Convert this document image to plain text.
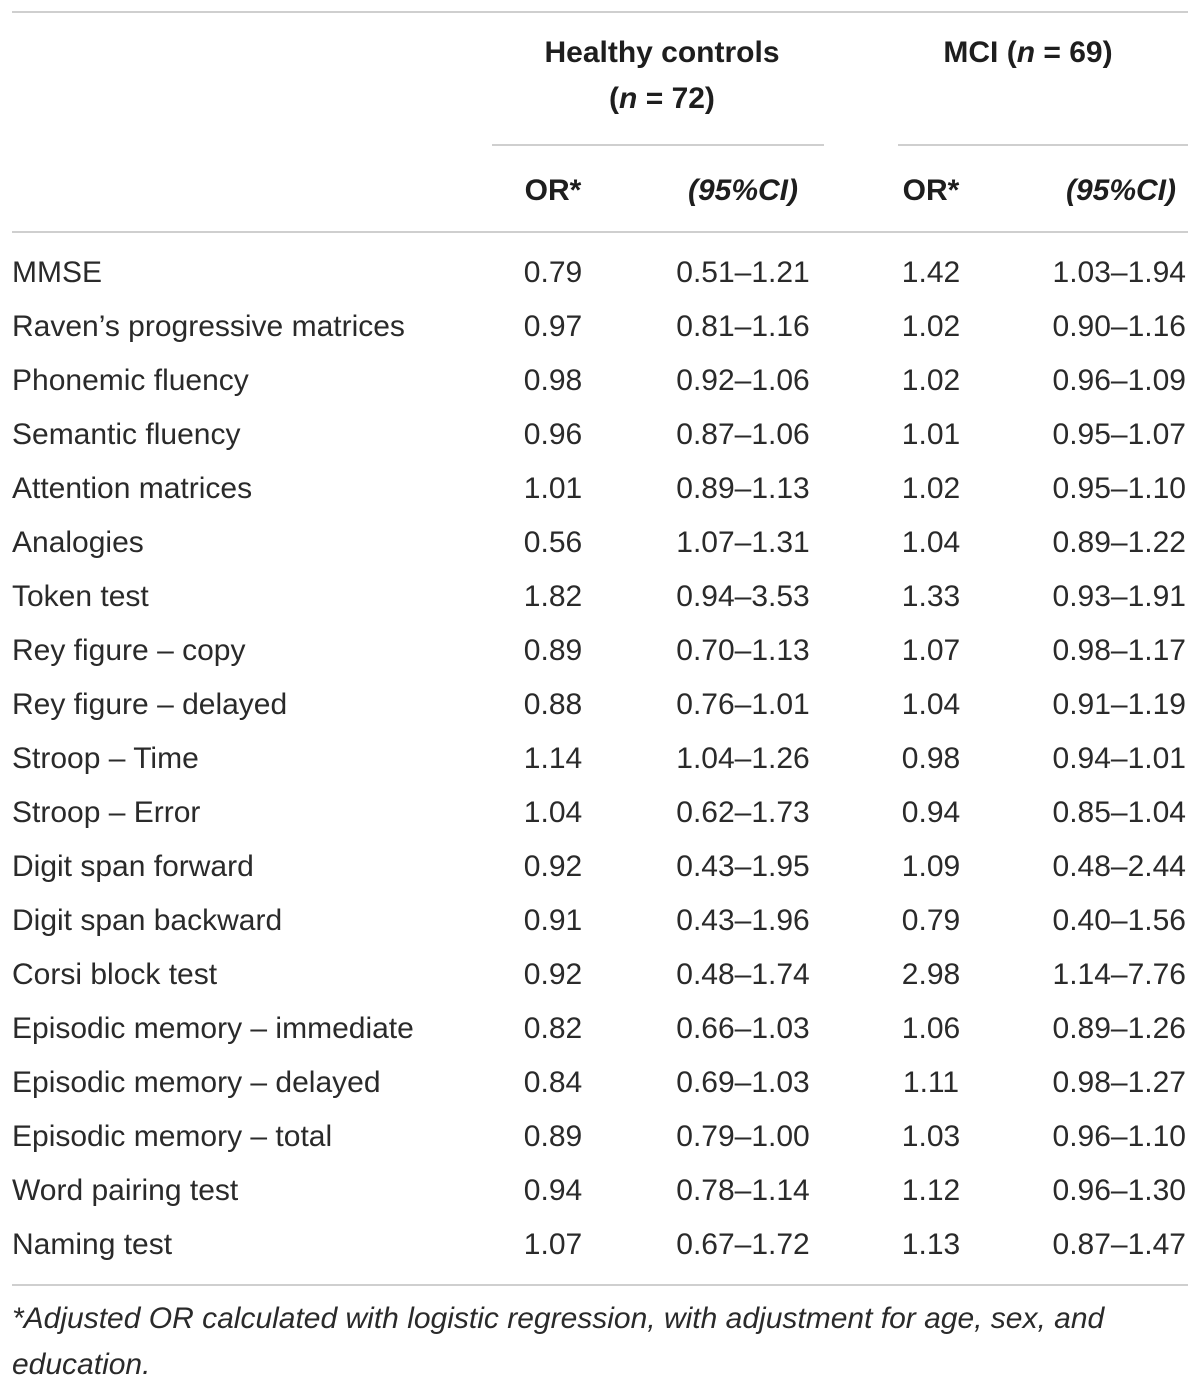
Healthy controls
(n = 72)
MCI (n = 69)
OR*	(95%CI)	OR*	(95%CI)
MMSE	0.79	0.51–1.21	1.42	1.03–1.94
Raven’s progressive matrices	0.97	0.81–1.16	1.02	0.90–1.16
Phonemic fluency	0.98	0.92–1.06	1.02	0.96–1.09
Semantic fluency	0.96	0.87–1.06	1.01	0.95–1.07
Attention matrices	1.01	0.89–1.13	1.02	0.95–1.10
Analogies	0.56	1.07–1.31	1.04	0.89–1.22
Token test	1.82	0.94–3.53	1.33	0.93–1.91
Rey figure – copy	0.89	0.70–1.13	1.07	0.98–1.17
Rey figure – delayed	0.88	0.76–1.01	1.04	0.91–1.19
Stroop – Time	1.14	1.04–1.26	0.98	0.94–1.01
Stroop – Error	1.04	0.62–1.73	0.94	0.85–1.04
Digit span forward	0.92	0.43–1.95	1.09	0.48–2.44
Digit span backward	0.91	0.43–1.96	0.79	0.40–1.56
Corsi block test	0.92	0.48–1.74	2.98	1.14–7.76
Episodic memory – immediate	0.82	0.66–1.03	1.06	0.89–1.26
Episodic memory – delayed	0.84	0.69–1.03	1.11	0.98–1.27
Episodic memory – total	0.89	0.79–1.00	1.03	0.96–1.10
Word pairing test	0.94	0.78–1.14	1.12	0.96–1.30
Naming test	1.07	0.67–1.72	1.13	0.87–1.47
*Adjusted OR calculated with logistic regression, with adjustment for age, sex, and education.
